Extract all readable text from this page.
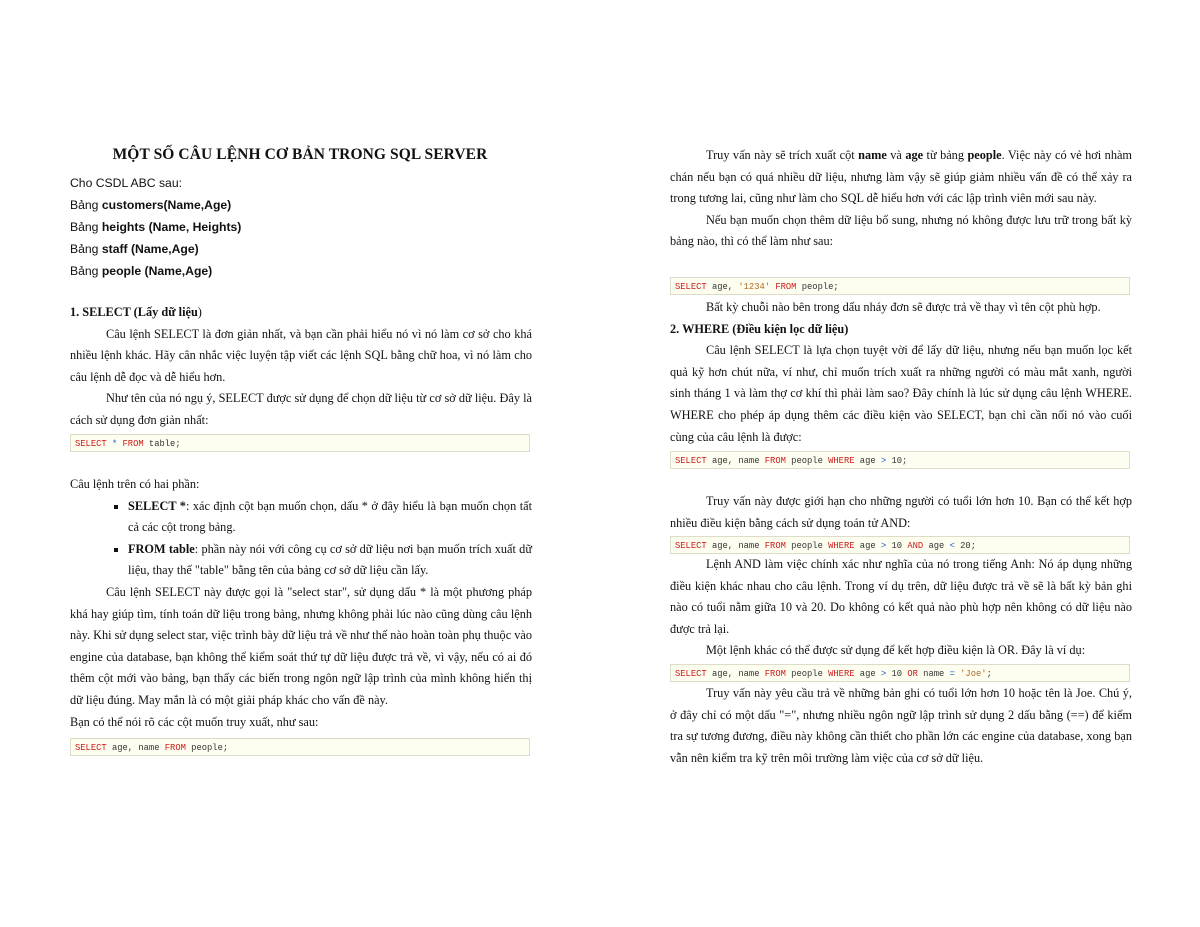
MỘT SỐ CÂU LỆNH CƠ BẢN TRONG SQL SERVER

Cho CSDL ABC sau:

Bảng customers(Name,Age)

Bảng heights (Name, Heights)

Bảng staff (Name,Age)

Bảng people (Name,Age)

1. SELECT (Lấy dữ liệu)

Câu lệnh SELECT là đơn giản nhất, và bạn cần phải hiểu nó vì nó làm cơ sở cho khá nhiều lệnh khác. Hãy cân nhắc việc luyện tập viết các lệnh SQL bằng chữ hoa, vì nó làm cho câu lệnh dễ đọc và dễ hiểu hơn.

Như tên của nó ngụ ý, SELECT được sử dụng để chọn dữ liệu từ cơ sở dữ liệu. Đây là cách sử dụng đơn giản nhất:

SELECT * FROM table;

Câu lệnh trên có hai phần:

SELECT *: xác định cột bạn muốn chọn, dấu * ở đây hiểu là bạn muốn chọn tất cả các cột trong bảng.
FROM table: phần này nói với công cụ cơ sở dữ liệu nơi bạn muốn trích xuất dữ liệu, thay thế "table" bằng tên của bảng cơ sở dữ liệu cần lấy.

Câu lệnh SELECT này được gọi là "select star", sử dụng dấu * là một phương pháp khá hay giúp tìm, tính toán dữ liệu trong bảng, nhưng không phải lúc nào cũng dùng câu lệnh này. Khi sử dụng select star, việc trình bày dữ liệu trả về như thế nào hoàn toàn phụ thuộc vào engine của database, bạn không thể kiểm soát thứ tự dữ liệu được trả về, vì vậy, nếu có ai đó thêm cột mới vào bảng, bạn thấy các biến trong ngôn ngữ lập trình của mình không hiển thị dữ liệu đúng. May mắn là có một giải pháp khác cho vấn đề này.

Bạn có thể nói rõ các cột muốn truy xuất, như sau:

SELECT age, name FROM people;

Truy vấn này sẽ trích xuất cột name và age từ bảng people. Việc này có vẻ hơi nhàm chán nếu bạn có quá nhiều dữ liệu, nhưng làm vậy sẽ giúp giảm nhiều vấn đề có thể xảy ra trong tương lai, cũng như làm cho SQL dễ hiểu hơn với các lập trình viên mới sau này.

Nếu bạn muốn chọn thêm dữ liệu bổ sung, nhưng nó không được lưu trữ trong bất kỳ bảng nào, thì có thể làm như sau:

SELECT age, '1234' FROM people;

Bất kỳ chuỗi nào bên trong dấu nháy đơn sẽ được trả về thay vì tên cột phù hợp.

2. WHERE (Điều kiện lọc dữ liệu)

Câu lệnh SELECT là lựa chọn tuyệt vời để lấy dữ liệu, nhưng nếu bạn muốn lọc kết quả kỹ hơn chút nữa, ví như, chỉ muốn trích xuất ra những người có màu mắt xanh, người sinh tháng 1 và làm thợ cơ khí thì phải làm sao? Đây chính là lúc sử dụng câu lệnh WHERE. WHERE cho phép áp dụng thêm các điều kiện vào SELECT, bạn chỉ cần nối nó vào cuối cùng của câu lệnh là được:

SELECT age, name FROM people WHERE age > 10;

Truy vấn này được giới hạn cho những người có tuổi lớn hơn 10. Bạn có thể kết hợp nhiều điều kiện bằng cách sử dụng toán tử AND:

SELECT age, name FROM people WHERE age > 10 AND age < 20;

Lệnh AND làm việc chính xác như nghĩa của nó trong tiếng Anh: Nó áp dụng những điều kiện khác nhau cho câu lệnh. Trong ví dụ trên, dữ liệu được trả về sẽ là bất kỳ bản ghi nào có tuổi nằm giữa 10 và 20. Do không có kết quả nào phù hợp nên không có dữ liệu nào được trả lại.

Một lệnh khác có thể được sử dụng để kết hợp điều kiện là OR. Đây là ví dụ:

SELECT age, name FROM people WHERE age > 10 OR name = 'Joe';

Truy vấn này yêu cầu trả về những bản ghi có tuổi lớn hơn 10 hoặc tên là Joe. Chú ý, ở đây chỉ có một dấu "=", nhưng nhiều ngôn ngữ lập trình sử dụng 2 dấu bằng (==) để kiểm tra sự tương đương, điều này không cần thiết cho phần lớn các engine của database, xong bạn vẫn nên kiểm tra kỹ trên môi trường làm việc của cơ sở dữ liệu.
